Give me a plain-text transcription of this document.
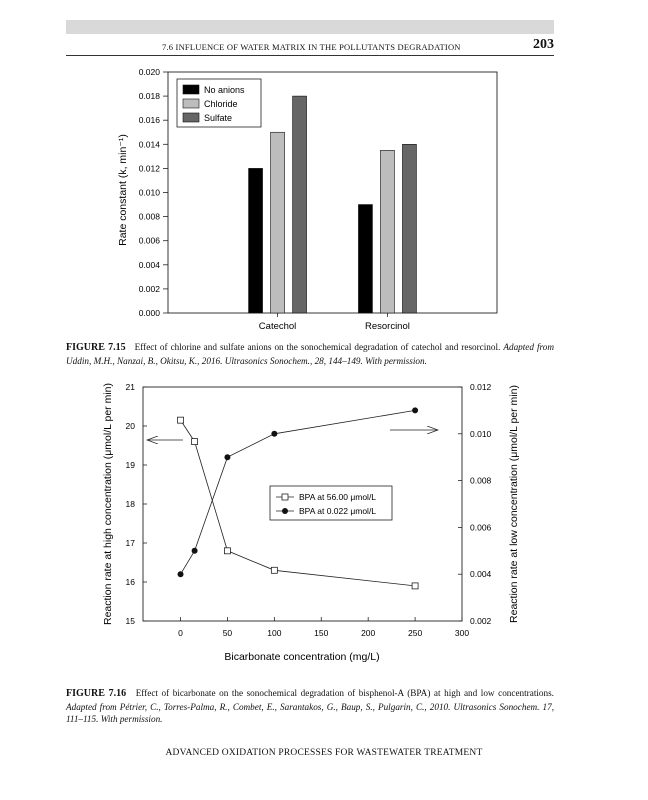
7.6 INFLUENCE OF WATER MATRIX IN THE POLLUTANTS DEGRADATION	203
0.000
0.002
0.004
0.006
0.008
0.010
0.012
0.014
0.016
0.018
0.020
Catechol	Resorcinol
No anions
Chloride
Sulfate
Rate constant (k, min⁻¹)
FIGURE 7.15 Effect of chlorine and sulfate anions on the sonochemical degradation of catechol and resorcinol. Adapted from Uddin, M.H., Nanzai, B., Okitsu, K., 2016. Ultrasonics Sonochem., 28, 144–149. With permission.
0	50	100	150	200	250	300
15
16
17
18
19
20
21
0.002
0.004
0.006
0.008
0.010
0.012
BPA at 56.00 μmol/L
BPA at 0.022 μmol/L
Bicarbonate concentration (mg/L)
Reaction rate at high concentration (μmol/L per min)	Reaction rate at low concentration (μmol/L per min)
FIGURE 7.16 Effect of bicarbonate on the sonochemical degradation of bisphenol-A (BPA) at high and low concentrations. Adapted from Pétrier, C., Torres-Palma, R., Combet, E., Sarantakos, G., Baup, S., Pulgarin, C., 2010. Ultrasonics Sonochem. 17, 111–115. With permission.
ADVANCED OXIDATION PROCESSES FOR WASTEWATER TREATMENT
